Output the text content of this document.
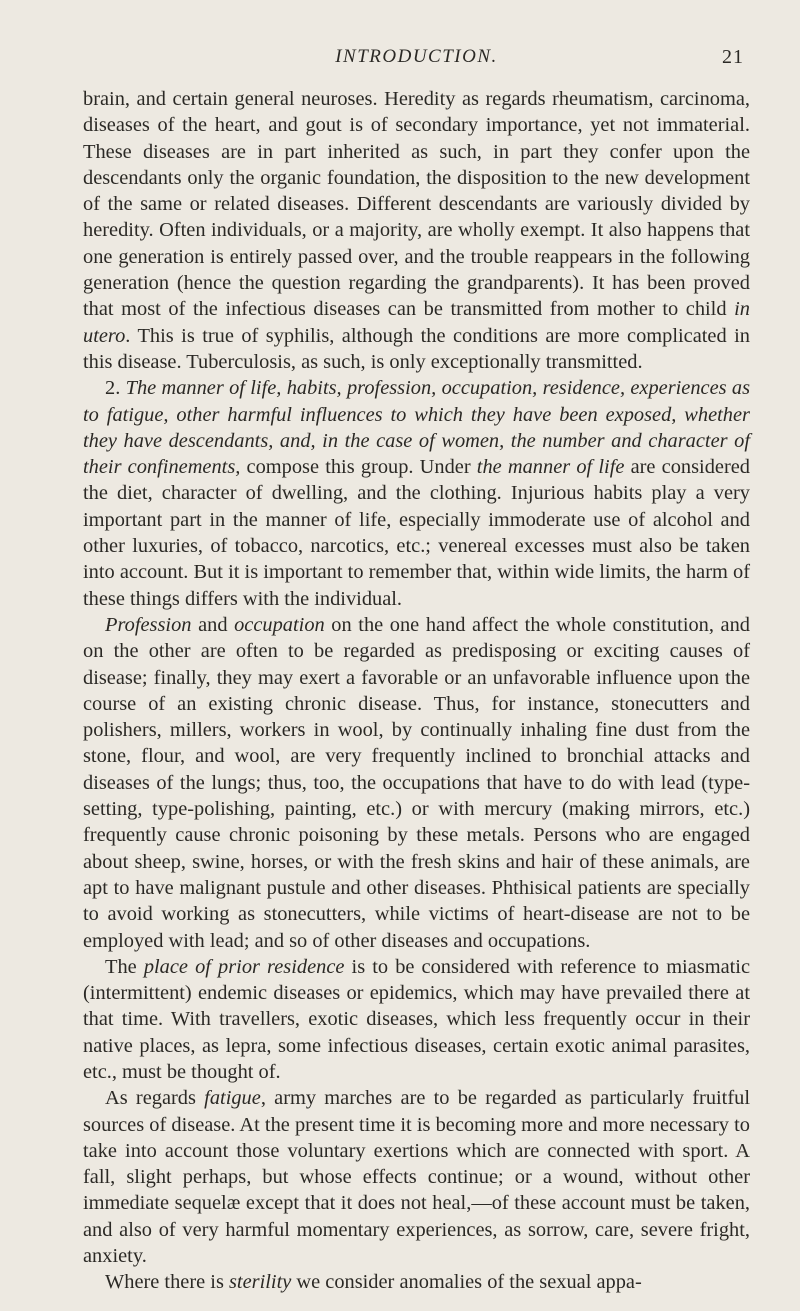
INTRODUCTION.	21

brain, and certain general neuroses. Heredity as regards rheumatism, carcinoma, diseases of the heart, and gout is of secondary importance, yet not immaterial. These diseases are in part inherited as such, in part they confer upon the descendants only the organic foundation, the disposition to the new development of the same or related diseases. Different descendants are variously divided by heredity. Often individuals, or a majority, are wholly exempt. It also happens that one generation is entirely passed over, and the trouble reappears in the following generation (hence the question regarding the grandparents). It has been proved that most of the infectious diseases can be transmitted from mother to child in utero. This is true of syphilis, although the conditions are more complicated in this disease. Tuberculosis, as such, is only exceptionally transmitted.

2. The manner of life, habits, profession, occupation, residence, experiences as to fatigue, other harmful influences to which they have been exposed, whether they have descendants, and, in the case of women, the number and character of their confinements, compose this group. Under the manner of life are considered the diet, character of dwelling, and the clothing. Injurious habits play a very important part in the manner of life, especially immoderate use of alcohol and other luxuries, of tobacco, narcotics, etc.; venereal excesses must also be taken into account. But it is important to remember that, within wide limits, the harm of these things differs with the individual.

Profession and occupation on the one hand affect the whole constitution, and on the other are often to be regarded as predisposing or exciting causes of disease; finally, they may exert a favorable or an unfavorable influence upon the course of an existing chronic disease. Thus, for instance, stonecutters and polishers, millers, workers in wool, by continually inhaling fine dust from the stone, flour, and wool, are very frequently inclined to bronchial attacks and diseases of the lungs; thus, too, the occupations that have to do with lead (type-setting, type-polishing, painting, etc.) or with mercury (making mirrors, etc.) frequently cause chronic poisoning by these metals. Persons who are engaged about sheep, swine, horses, or with the fresh skins and hair of these animals, are apt to have malignant pustule and other diseases. Phthisical patients are specially to avoid working as stonecutters, while victims of heart-disease are not to be employed with lead; and so of other diseases and occupations.

The place of prior residence is to be considered with reference to miasmatic (intermittent) endemic diseases or epidemics, which may have prevailed there at that time. With travellers, exotic diseases, which less frequently occur in their native places, as lepra, some infectious diseases, certain exotic animal parasites, etc., must be thought of.

As regards fatigue, army marches are to be regarded as particularly fruitful sources of disease. At the present time it is becoming more and more necessary to take into account those voluntary exertions which are connected with sport. A fall, slight perhaps, but whose effects continue; or a wound, without other immediate sequelæ except that it does not heal,—of these account must be taken, and also of very harmful momentary experiences, as sorrow, care, severe fright, anxiety.

Where there is sterility we consider anomalies of the sexual appa-
